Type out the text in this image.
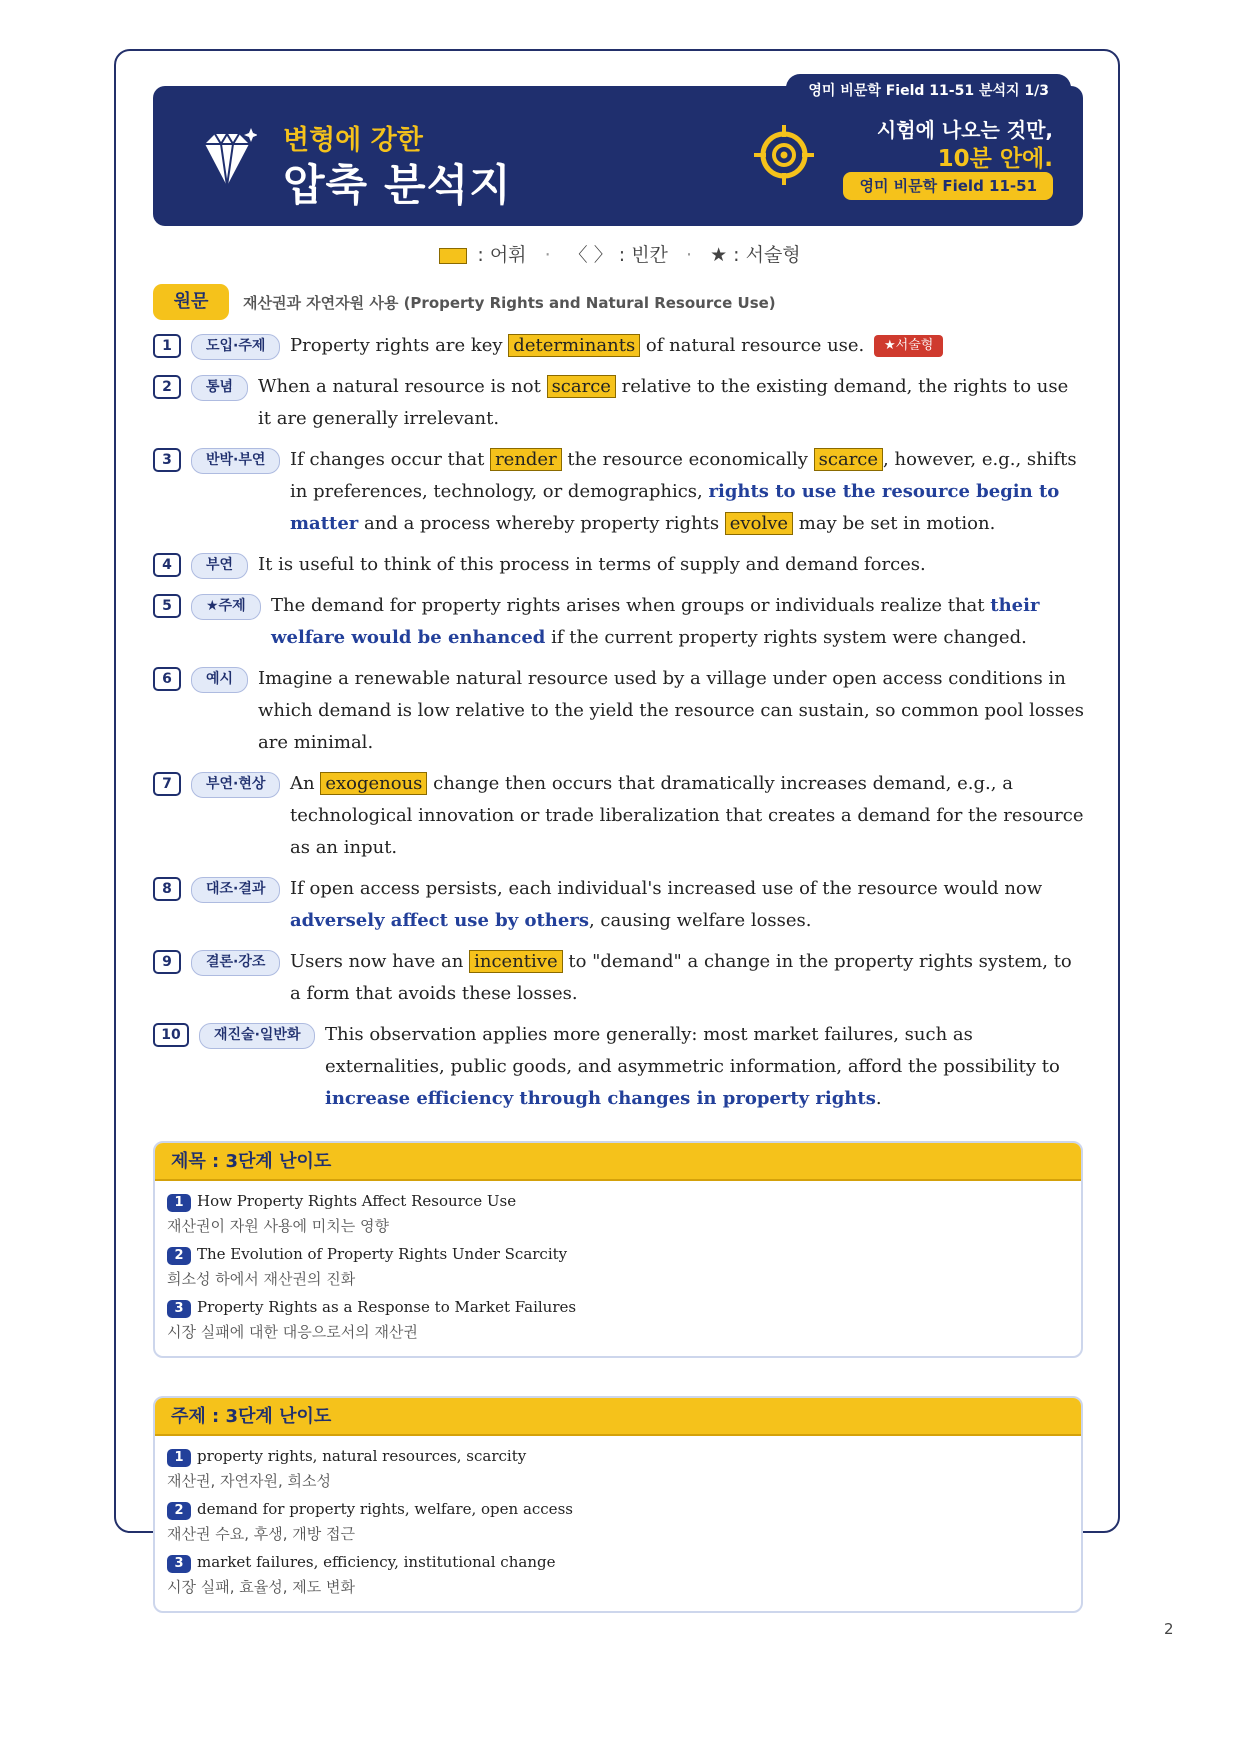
영미 비문학 Field 11-51 분석지 1/3
변형에 강한
압축 분석지
시험에 나오는 것만,
10분 안에.
영미 비문학 Field 11-51
: 어휘 · 〈 〉 : 빈칸 · ★ : 서술형
원문	재산권과 자연자원 사용 (Property Rights and Natural Resource Use)
1	도입·주제	Property rights are key determinants of natural resource use. ★서술형
2	통념	When a natural resource is not scarce relative to the existing demand, the rights to use it are generally irrelevant.
3	반박·부연	If changes occur that render the resource economically scarce , however, e.g., shifts in preferences, technology, or demographics, rights to use the resource begin to matter and a process whereby property rights evolve may be set in motion.
4	부연	It is useful to think of this process in terms of supply and demand forces.
5	★주제	The demand for property rights arises when groups or individuals realize that their welfare would be enhanced if the current property rights system were changed.
6	예시	Imagine a renewable natural resource used by a village under open access conditions in which demand is low relative to the yield the resource can sustain, so common pool losses are minimal.
7	부연·현상	An exogenous change then occurs that dramatically increases demand, e.g., a technological innovation or trade liberalization that creates a demand for the resource as an input.
8	대조·결과	If open access persists, each individual's increased use of the resource would now adversely affect use by others, causing welfare losses.
9	결론·강조	Users now have an incentive to "demand" a change in the property rights system, to a form that avoids these losses.
10	재진술·일반화	This observation applies more generally: most market failures, such as externalities, public goods, and asymmetric information, afford the possibility to increase efficiency through changes in property rights.
제목 : 3단계 난이도
1 How Property Rights Affect Resource Use
재산권이 자원 사용에 미치는 영향
2 The Evolution of Property Rights Under Scarcity
희소성 하에서 재산권의 진화
3 Property Rights as a Response to Market Failures
시장 실패에 대한 대응으로서의 재산권
주제 : 3단계 난이도
1 property rights, natural resources, scarcity
재산권, 자연자원, 희소성
2 demand for property rights, welfare, open access
재산권 수요, 후생, 개방 접근
3 market failures, efficiency, institutional change
시장 실패, 효율성, 제도 변화
2
